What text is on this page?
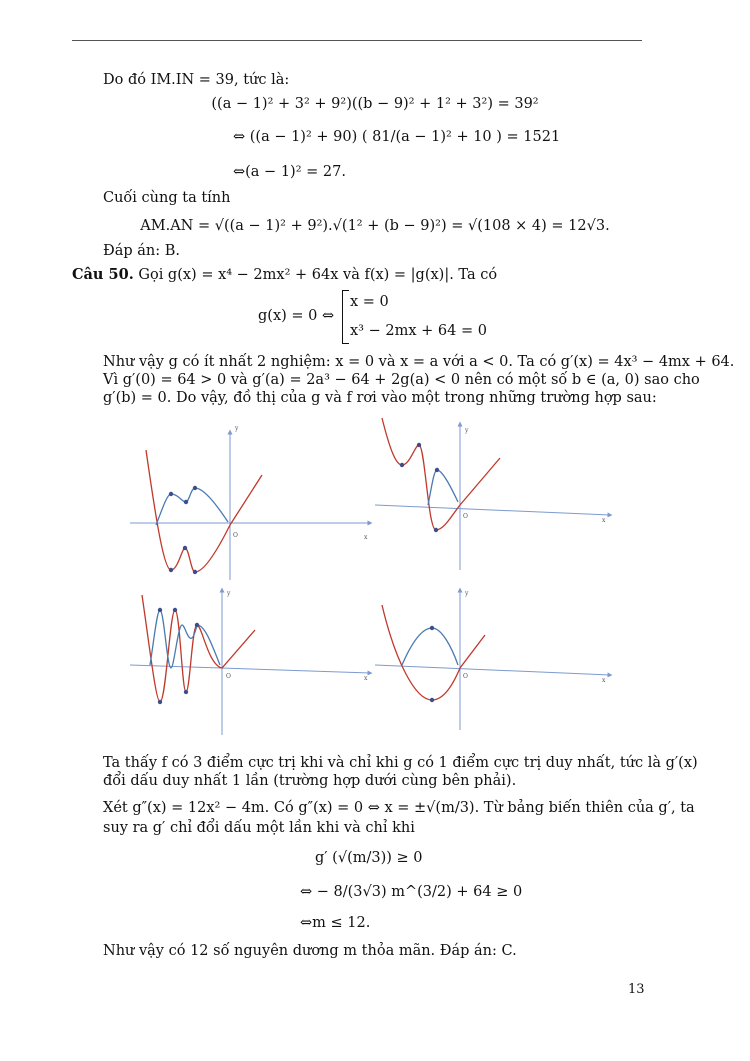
Do đó IM.IN = 39, tức là:
((a − 1)² + 3² + 9²)((b − 9)² + 1² + 3²) = 39²
⇔ ((a − 1)² + 90) ( 81/(a − 1)² + 10 ) = 1521
⇔(a − 1)² = 27.
Cuối cùng ta tính
AM.AN = √((a − 1)² + 9²).√(1² + (b − 9)²) = √(108 × 4) = 12√3.
Đáp án: B.
Câu 50. Gọi g(x) = x⁴ − 2mx² + 64x và f(x) = |g(x)|. Ta có
g(x) = 0 ⇔
x = 0
x³ − 2mx + 64 = 0
Như vậy g có ít nhất 2 nghiệm: x = 0 và x = a với a < 0. Ta có g′(x) = 4x³ − 4mx + 64.
Vì g′(0) = 64 > 0 và g′(a) = 2a³ − 64 + 2g(a) < 0 nên có một số b ∈ (a, 0) sao cho
g′(b) = 0. Do vậy, đồ thị của g và f rơi vào một trong những trường hợp sau:
y
x
O
y
x
O
y
x
O
y
x
O
Ta thấy f có 3 điểm cực trị khi và chỉ khi g có 1 điểm cực trị duy nhất, tức là g′(x)
đổi dấu duy nhất 1 lần (trường hợp dưới cùng bên phải).
Xét g″(x) = 12x² − 4m. Có g″(x) = 0 ⇔ x = ±√(m/3). Từ bảng biến thiên của g′, ta
suy ra g′ chỉ đổi dấu một lần khi và chỉ khi
g′ (√(m/3)) ≥ 0
⇔ − 8/(3√3) m^(3/2) + 64 ≥ 0
⇔m ≤ 12.
Như vậy có 12 số nguyên dương m thỏa mãn. Đáp án: C.
13
